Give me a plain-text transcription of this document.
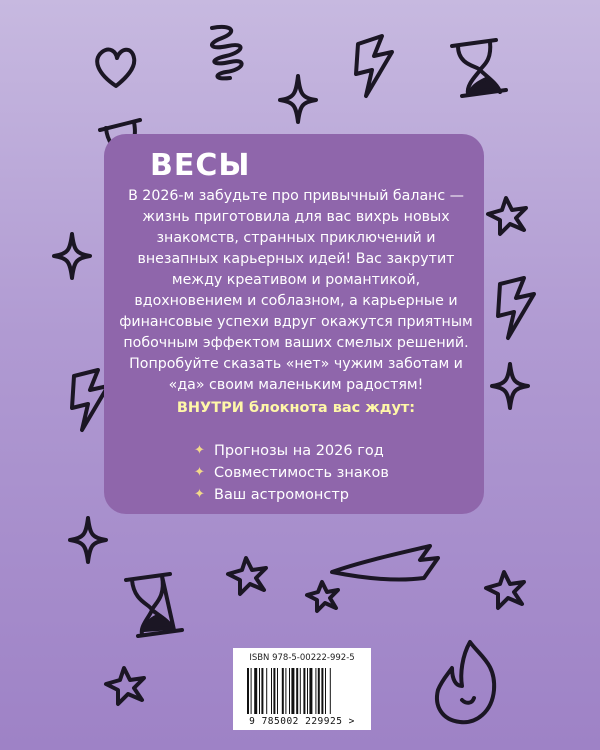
ВЕСЫ

В 2026-м забудьте про привычный баланс — жизнь приготовила для вас вихрь новых знакомств, странных приключений и внезапных карьерных идей! Вас закрутит между креативом и романтикой, вдохновением и соблазном, а карьерные и финансовые успехи вдруг окажутся приятным побочным эффектом ваших смелых решений. Попробуйте сказать «нет» чужим заботам и «да» своим маленьким радостям!

ВНУТРИ блокнота вас ждут:
✦ Прогнозы на 2026 год
✦ Совместимость знаков
✦ Ваш астромонстр
ISBN 978-5-00222-992-5
9 785002 229925 >
